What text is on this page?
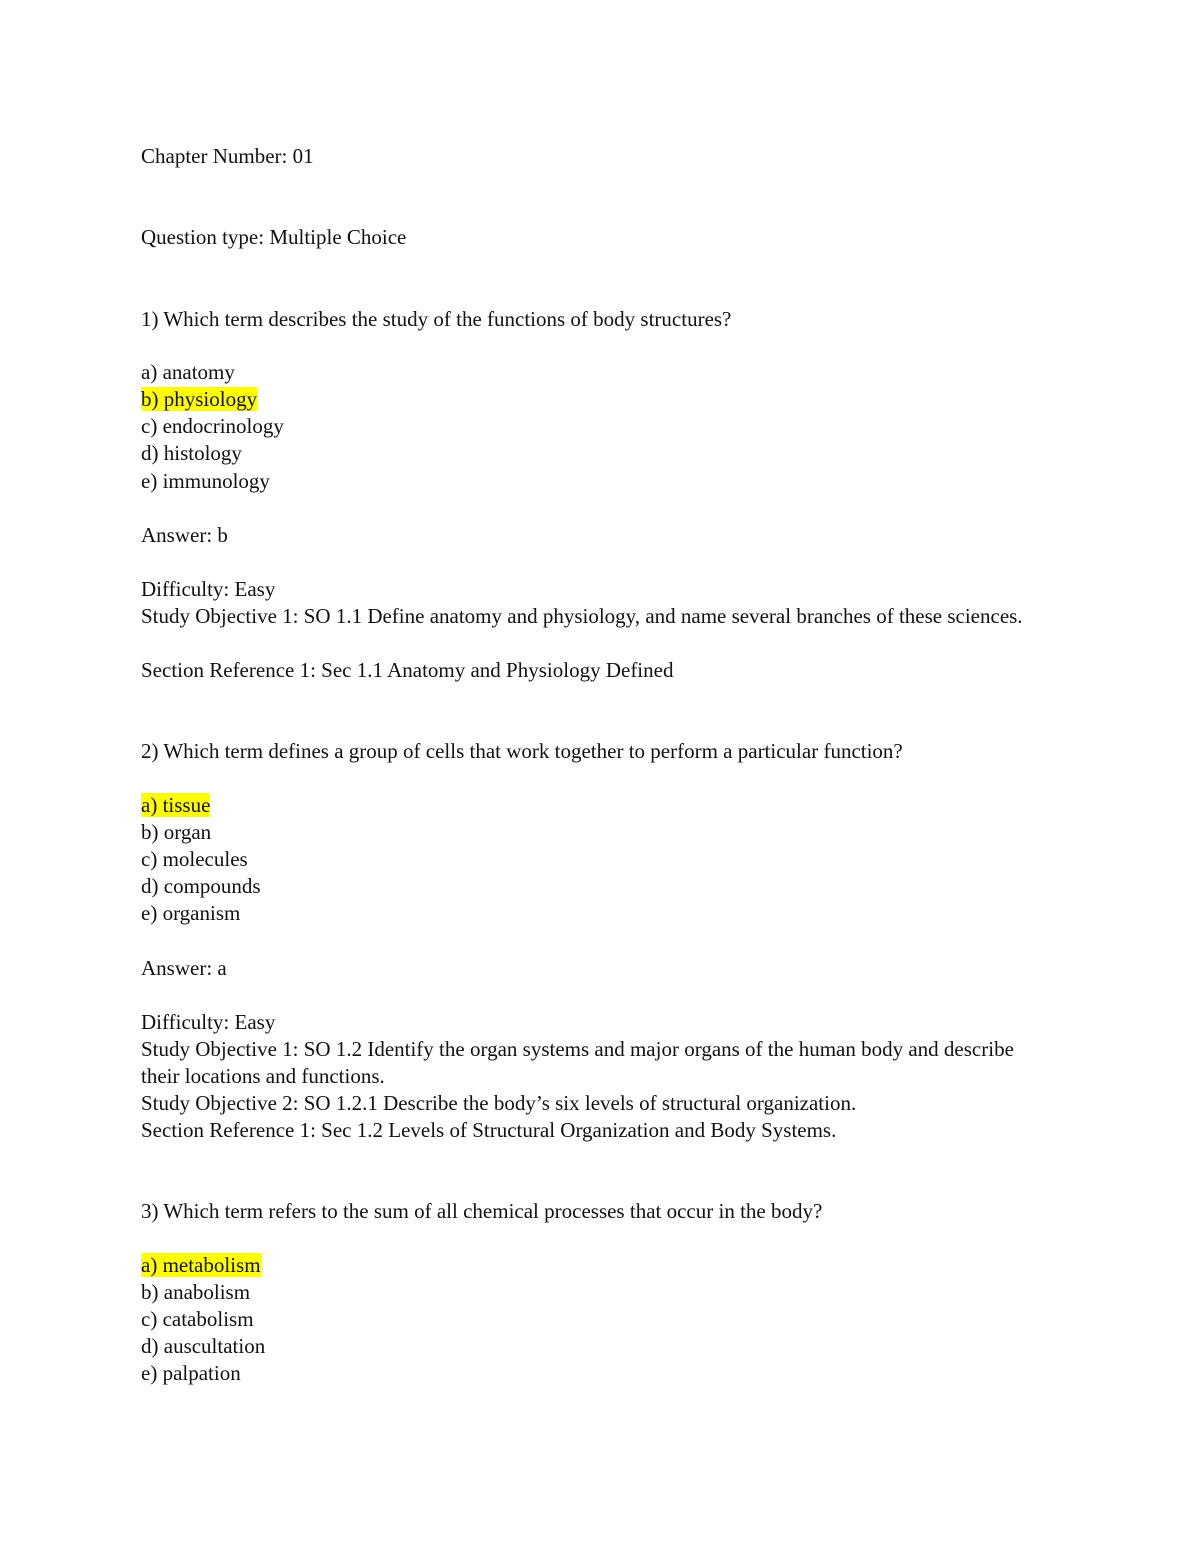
Chapter Number: 01
Question type: Multiple Choice
1) Which term describes the study of the functions of body structures?
a) anatomy
b) physiology
c) endocrinology
d) histology
e) immunology
Answer: b
Difficulty: Easy
Study Objective 1: SO 1.1 Define anatomy and physiology, and name several branches of these sciences.
Section Reference 1: Sec 1.1 Anatomy and Physiology Defined
2) Which term defines a group of cells that work together to perform a particular function?
a) tissue
b) organ
c) molecules
d) compounds
e) organism
Answer: a
Difficulty: Easy
Study Objective 1: SO 1.2 Identify the organ systems and major organs of the human body and describe their locations and functions.
Study Objective 2: SO 1.2.1 Describe the body’s six levels of structural organization.
Section Reference 1: Sec 1.2 Levels of Structural Organization and Body Systems.
3) Which term refers to the sum of all chemical processes that occur in the body?
a) metabolism
b) anabolism
c) catabolism
d) auscultation
e) palpation
